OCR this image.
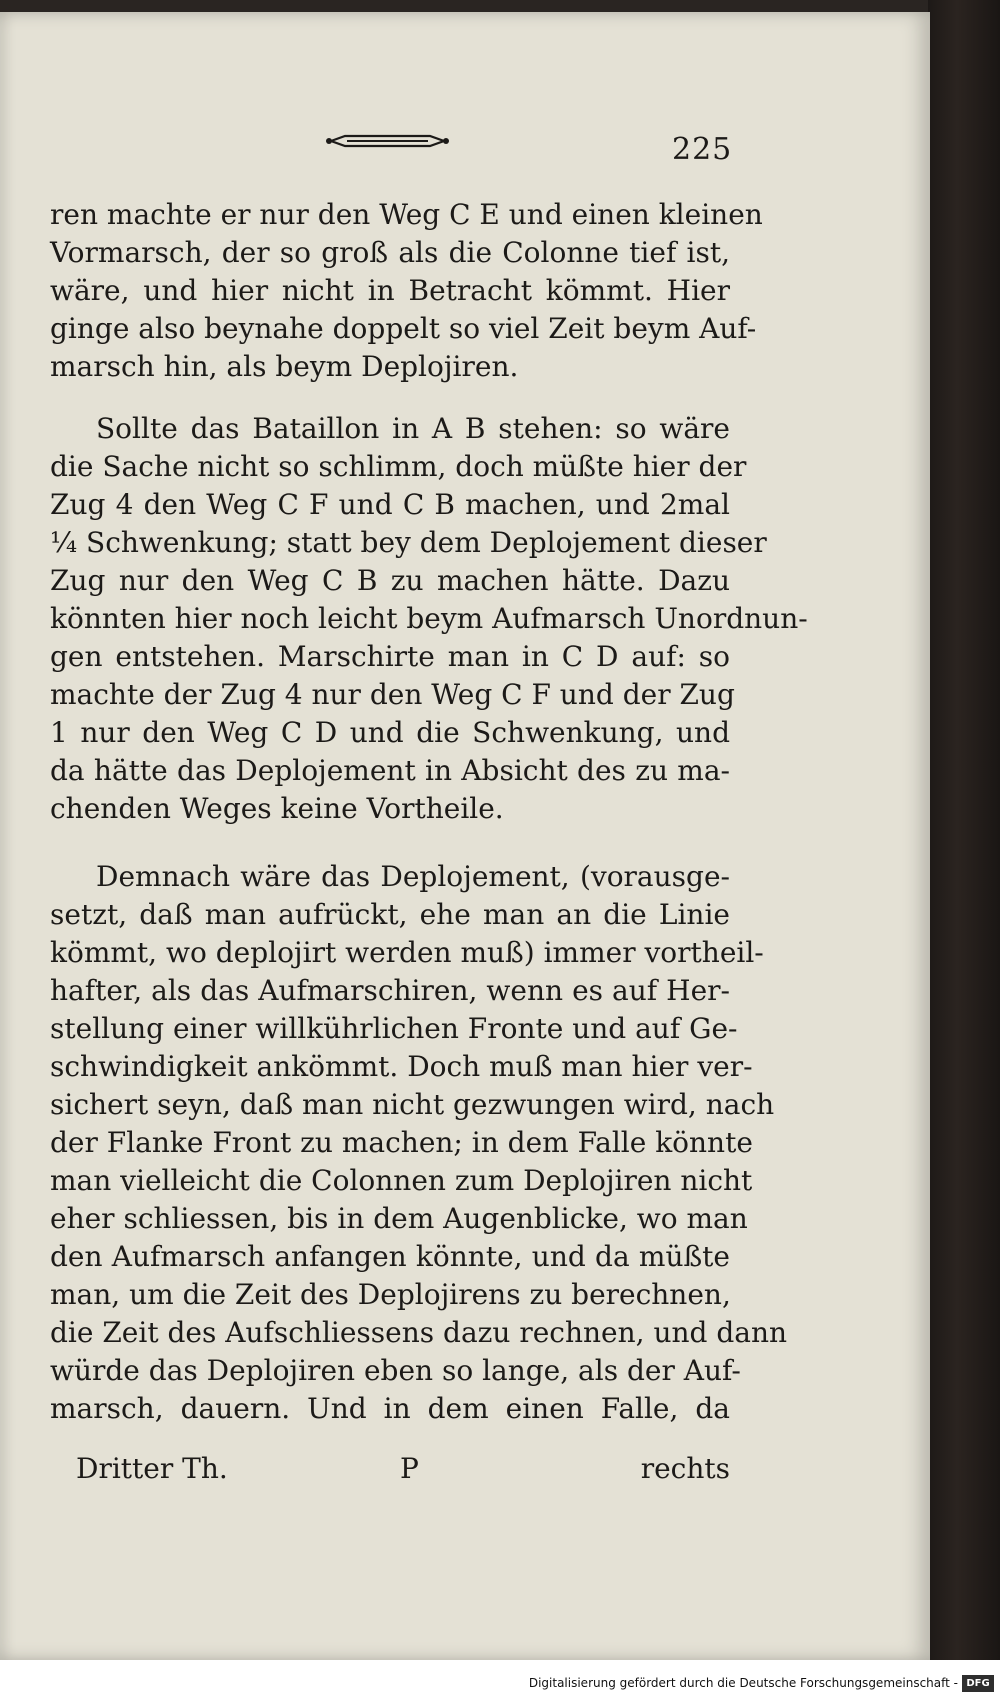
225
ren machte er nur den Weg C E und einen kleinen
Vormarsch, der so groß als die Colonne tief ist,
wäre, und hier nicht in Betracht kömmt. Hier
ginge also beynahe doppelt so viel Zeit beym Auf-
marsch hin, als beym Deplojiren.
Sollte das Bataillon in A B stehen: so wäre
die Sache nicht so schlimm, doch müßte hier der
Zug 4 den Weg C F und C B machen, und 2mal
¼ Schwenkung; statt bey dem Deplojement dieser
Zug nur den Weg C B zu machen hätte. Dazu
könnten hier noch leicht beym Aufmarsch Unordnun-
gen entstehen. Marschirte man in C D auf: so
machte der Zug 4 nur den Weg C F und der Zug
1 nur den Weg C D und die Schwenkung, und
da hätte das Deplojement in Absicht des zu ma-
chenden Weges keine Vortheile.
Demnach wäre das Deplojement, (vorausge-
setzt, daß man aufrückt, ehe man an die Linie
kömmt, wo deplojirt werden muß) immer vortheil-
hafter, als das Aufmarschiren, wenn es auf Her-
stellung einer willkührlichen Fronte und auf Ge-
schwindigkeit ankömmt. Doch muß man hier ver-
sichert seyn, daß man nicht gezwungen wird, nach
der Flanke Front zu machen; in dem Falle könnte
man vielleicht die Colonnen zum Deplojiren nicht
eher schliessen, bis in dem Augenblicke, wo man
den Aufmarsch anfangen könnte, und da müßte
man, um die Zeit des Deplojirens zu berechnen,
die Zeit des Aufschliessens dazu rechnen, und dann
würde das Deplojiren eben so lange, als der Auf-
marsch, dauern. Und in dem einen Falle, da
Dritter Th.	P	rechts
Digitalisierung gefördert durch die Deutsche Forschungsgemeinschaft - DFG
